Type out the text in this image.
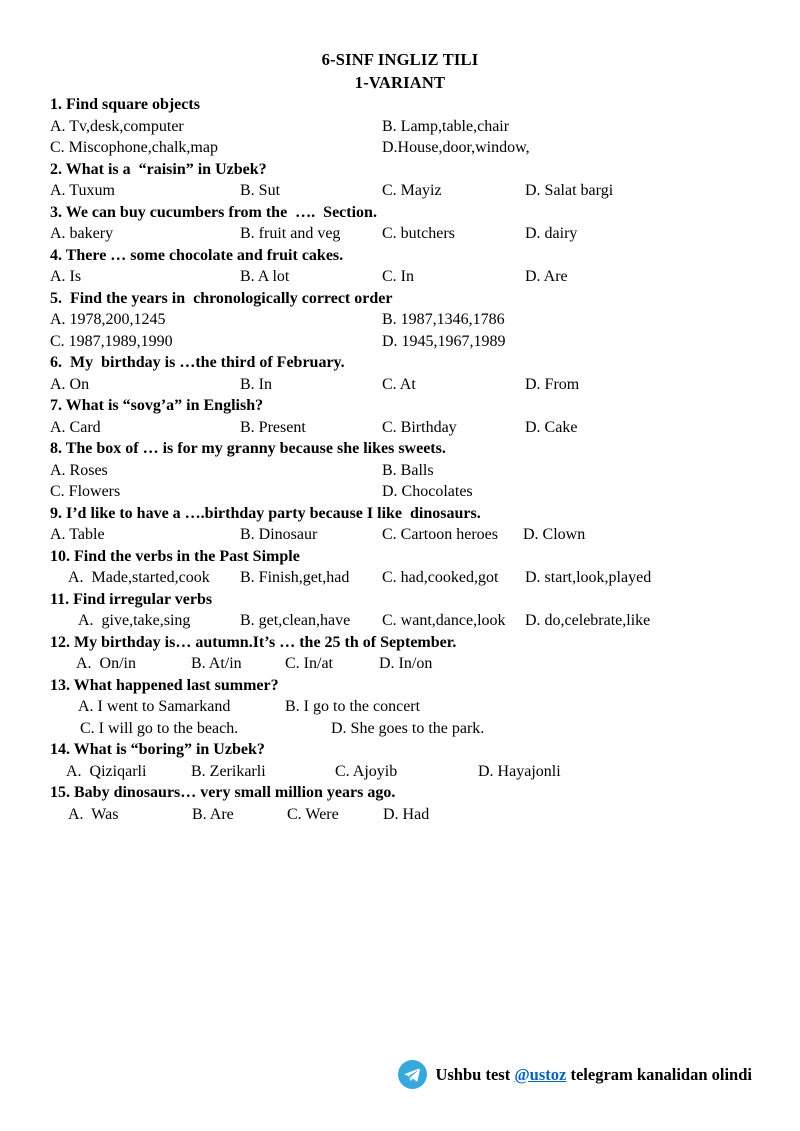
6-SINF INGLIZ TILI
1-VARIANT
1. Find square objects
A. Tv,desk,computer	B. Lamp,table,chair
C. Miscophone,chalk,map	D.House,door,window,
2. What is a  “raisin” in Uzbek?
A. Tuxum	B. Sut	C. Mayiz	D. Salat bargi
3. We can buy cucumbers from the  ….  Section.
A. bakery	B. fruit and veg	C. butchers	D. dairy
4. There … some chocolate and fruit cakes.
A. Is	B. A lot	C. In	D. Are
5.  Find the years in  chronologically correct order
A. 1978,200,1245	B. 1987,1346,1786
C. 1987,1989,1990	D. 1945,1967,1989
6.  My  birthday is …the third of February.
A. On	B. In	C. At	D. From
7. What is “sovg’a” in English?
A. Card	B. Present	C. Birthday	D. Cake
8. The box of … is for my granny because she likes sweets.
A. Roses	B. Balls
C. Flowers	D. Chocolates
9. I’d like to have a ….birthday party because I like  dinosaurs.
A. Table	B. Dinosaur	C. Cartoon heroes D. Clown
10. Find the verbs in the Past Simple
A.  Made,started,cook B. Finish,get,had C. had,cooked,got D. start,look,played
11. Find irregular verbs
A.  give,take,sing	B. get,clean,have C. want,dance,look D. do,celebrate,like
12. My birthday is… autumn.It’s … the 25 th of September.
A.  On/in	B. At/in	C. In/at	D. In/on
13. What happened last summer?
A. I went to Samarkand	B. I go to the concert
C. I will go to the beach.	D. She goes to the park.
14. What is “boring” in Uzbek?
A.  Qiziqarli	B. Zerikarli	C. Ajoyib	D. Hayajonli
15. Baby dinosaurs… very small million years ago.
A.  Was	B. Are	C. Were	D. Had
Ushbu test @ustoz telegram kanalidan olindi
